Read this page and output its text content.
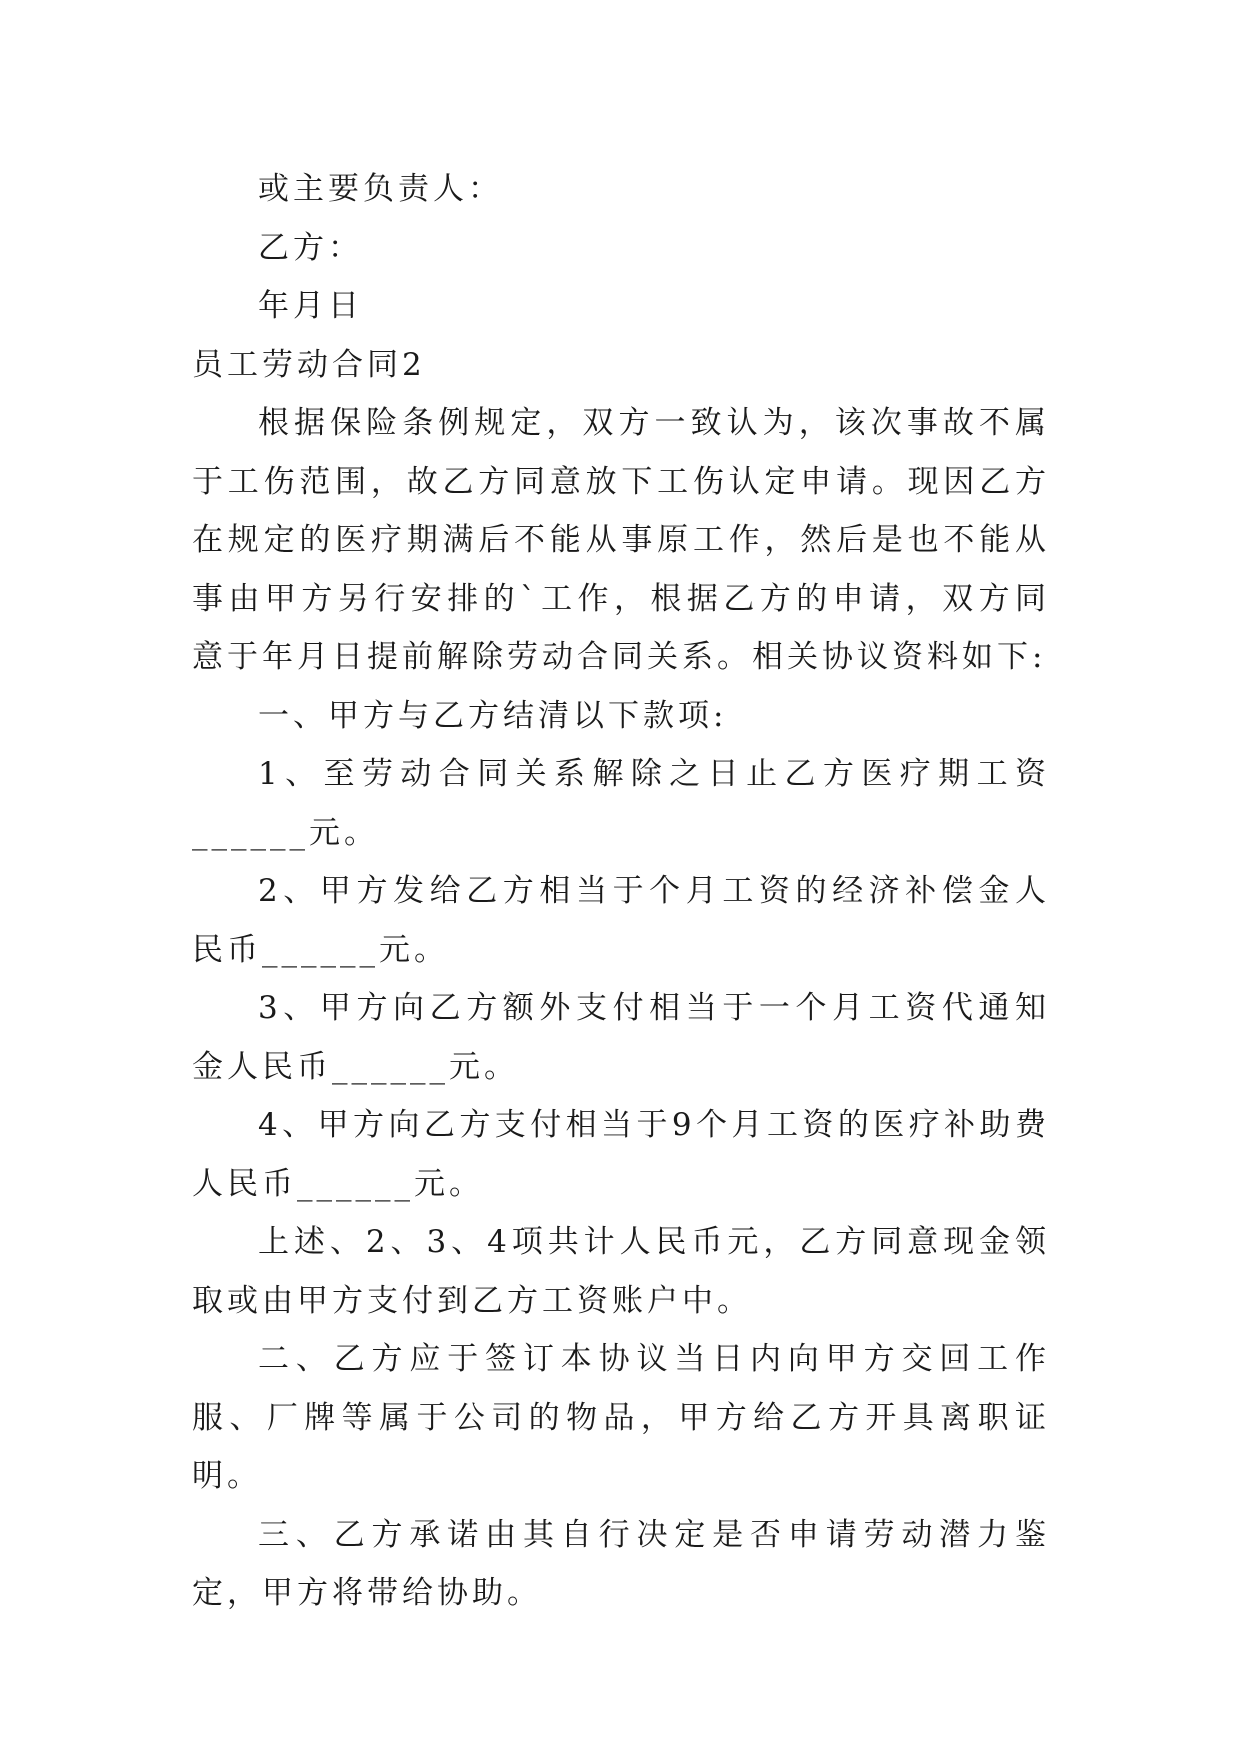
或主要负责人：
乙方：
年月日
员工劳动合同2

根据保险条例规定，双方一致认为，该次事故不属于工伤范围，故乙方同意放下工伤认定申请。现因乙方在规定的医疗期满后不能从事原工作，然后是也不能从事由甲方另行安排的`工作，根据乙方的申请，双方同意于年月日提前解除劳动合同关系。相关协议资料如下:

一、甲方与乙方结清以下款项:

1、至劳动合同关系解除之日止乙方医疗期工资______元。

2、甲方发给乙方相当于个月工资的经济补偿金人民币______元。

3、甲方向乙方额外支付相当于一个月工资代通知金人民币______元。

4、甲方向乙方支付相当于9个月工资的医疗补助费人民币______元。

上述、2、3、4项共计人民币元，乙方同意现金领取或由甲方支付到乙方工资账户中。

二、乙方应于签订本协议当日内向甲方交回工作服、厂牌等属于公司的物品，甲方给乙方开具离职证明。

三、乙方承诺由其自行决定是否申请劳动潜力鉴定，甲方将带给协助。
